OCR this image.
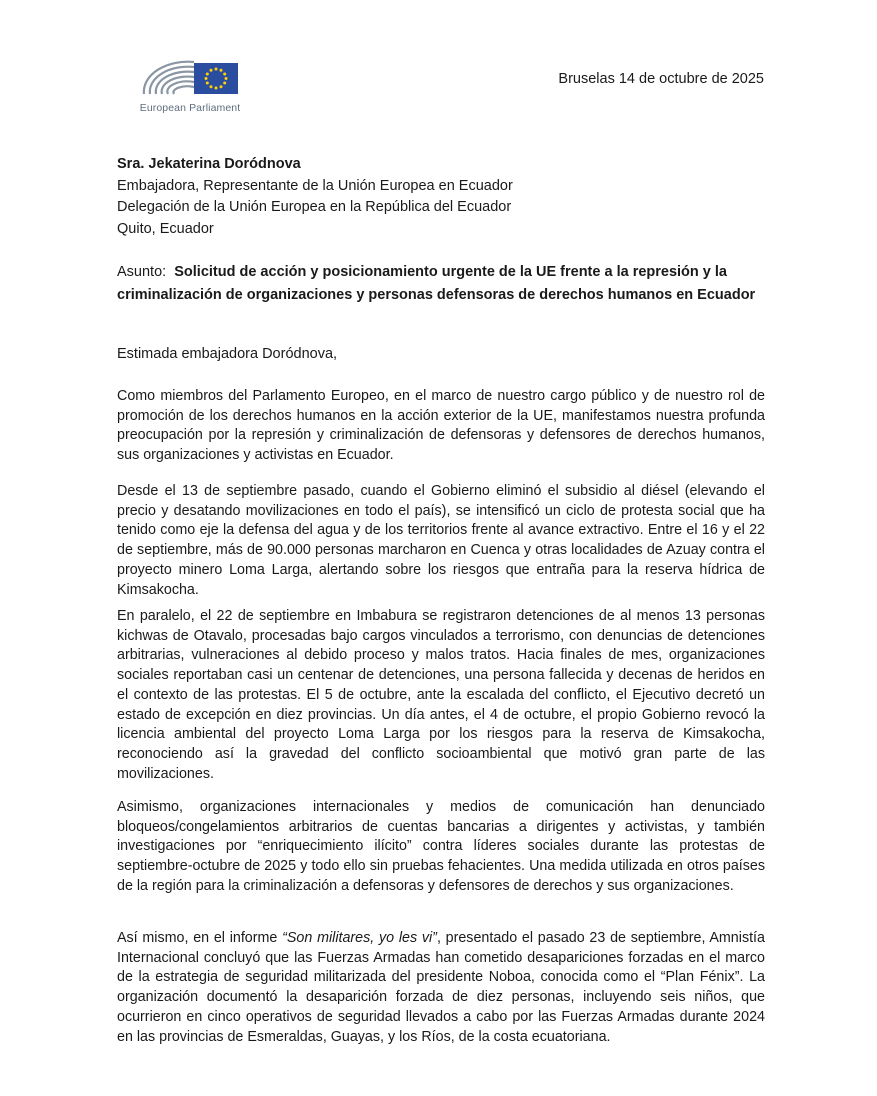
European Parliament
Bruselas 14 de octubre de 2025
Sra. Jekaterina Doródnova
Embajadora, Representante de la Unión Europea en Ecuador
Delegación de la Unión Europea en la República del Ecuador
Quito, Ecuador
Asunto: Solicitud de acción y posicionamiento urgente de la UE frente a la represión y la criminalización de organizaciones y personas defensoras de derechos humanos en Ecuador
Estimada embajadora Doródnova,

Como miembros del Parlamento Europeo, en el marco de nuestro cargo público y de nuestro rol de promoción de los derechos humanos en la acción exterior de la UE, manifestamos nuestra profunda preocupación por la represión y criminalización de defensoras y defensores de derechos humanos, sus organizaciones y activistas en Ecuador.

Desde el 13 de septiembre pasado, cuando el Gobierno eliminó el subsidio al diésel (elevando el precio y desatando movilizaciones en todo el país), se intensificó un ciclo de protesta social que ha tenido como eje la defensa del agua y de los territorios frente al avance extractivo. Entre el 16 y el 22 de septiembre, más de 90.000 personas marcharon en Cuenca y otras localidades de Azuay contra el proyecto minero Loma Larga, alertando sobre los riesgos que entraña para la reserva hídrica de Kimsakocha.

En paralelo, el 22 de septiembre en Imbabura se registraron detenciones de al menos 13 personas kichwas de Otavalo, procesadas bajo cargos vinculados a terrorismo, con denuncias de detenciones arbitrarias, vulneraciones al debido proceso y malos tratos. Hacia finales de mes, organizaciones sociales reportaban casi un centenar de detenciones, una persona fallecida y decenas de heridos en el contexto de las protestas. El 5 de octubre, ante la escalada del conflicto, el Ejecutivo decretó un estado de excepción en diez provincias. Un día antes, el 4 de octubre, el propio Gobierno revocó la licencia ambiental del proyecto Loma Larga por los riesgos para la reserva de Kimsakocha, reconociendo así la gravedad del conflicto socioambiental que motivó gran parte de las movilizaciones.

Asimismo, organizaciones internacionales y medios de comunicación han denunciado bloqueos/congelamientos arbitrarios de cuentas bancarias a dirigentes y activistas, y también investigaciones por “enriquecimiento ilícito” contra líderes sociales durante las protestas de septiembre-octubre de 2025 y todo ello sin pruebas fehacientes. Una medida utilizada en otros países de la región para la criminalización a defensoras y defensores de derechos y sus organizaciones.

Así mismo, en el informe “Son militares, yo les vi”, presentado el pasado 23 de septiembre, Amnistía Internacional concluyó que las Fuerzas Armadas han cometido desapariciones forzadas en el marco de la estrategia de seguridad militarizada del presidente Noboa, conocida como el “Plan Fénix”. La organización documentó la desaparición forzada de diez personas, incluyendo seis niños, que ocurrieron en cinco operativos de seguridad llevados a cabo por las Fuerzas Armadas durante 2024 en las provincias de Esmeraldas, Guayas, y los Ríos, de la costa ecuatoriana.
